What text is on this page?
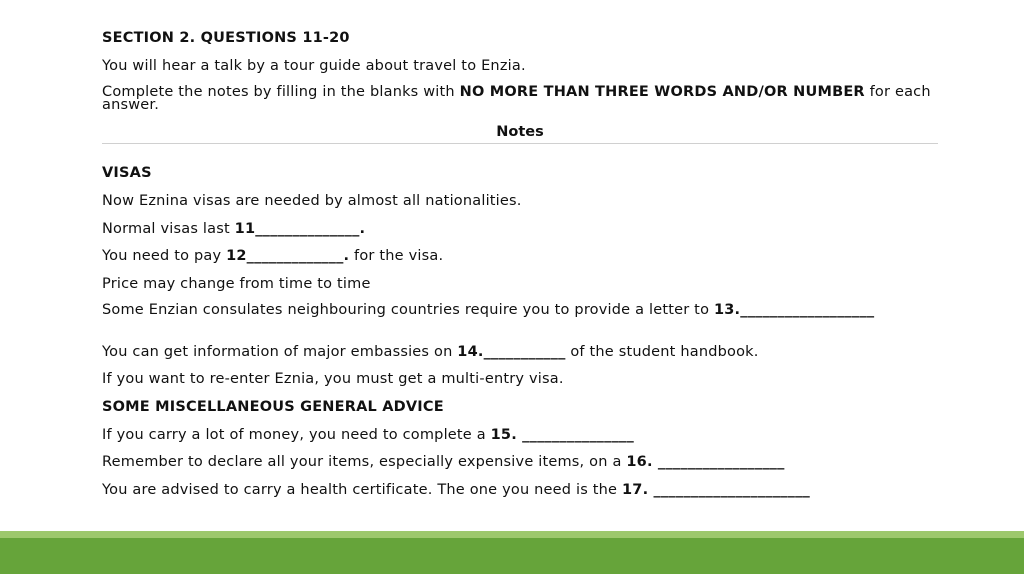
SECTION 2. QUESTIONS 11-20
You will hear a talk by a tour guide about travel to Enzia.
Complete the notes by filling in the blanks with NO MORE THAN THREE WORDS AND/OR NUMBER for each answer.
Notes
VISAS
Now Eznina visas are needed by almost all nationalities.
Normal visas last 11______________.
You need to pay 12_____________. for the visa.
Price may change from time to time
Some Enzian consulates neighbouring countries require you to provide a letter to 13.__________________
You can get information of major embassies on 14.___________ of the student handbook.
If you want to re-enter Eznia, you must get a multi-entry visa.
SOME MISCELLANEOUS GENERAL ADVICE
If you carry a lot of money, you need to complete a 15. _______________
Remember to declare all your items, especially expensive items, on a 16. _________________
You are advised to carry a health certificate. The one you need is the 17. _____________________
